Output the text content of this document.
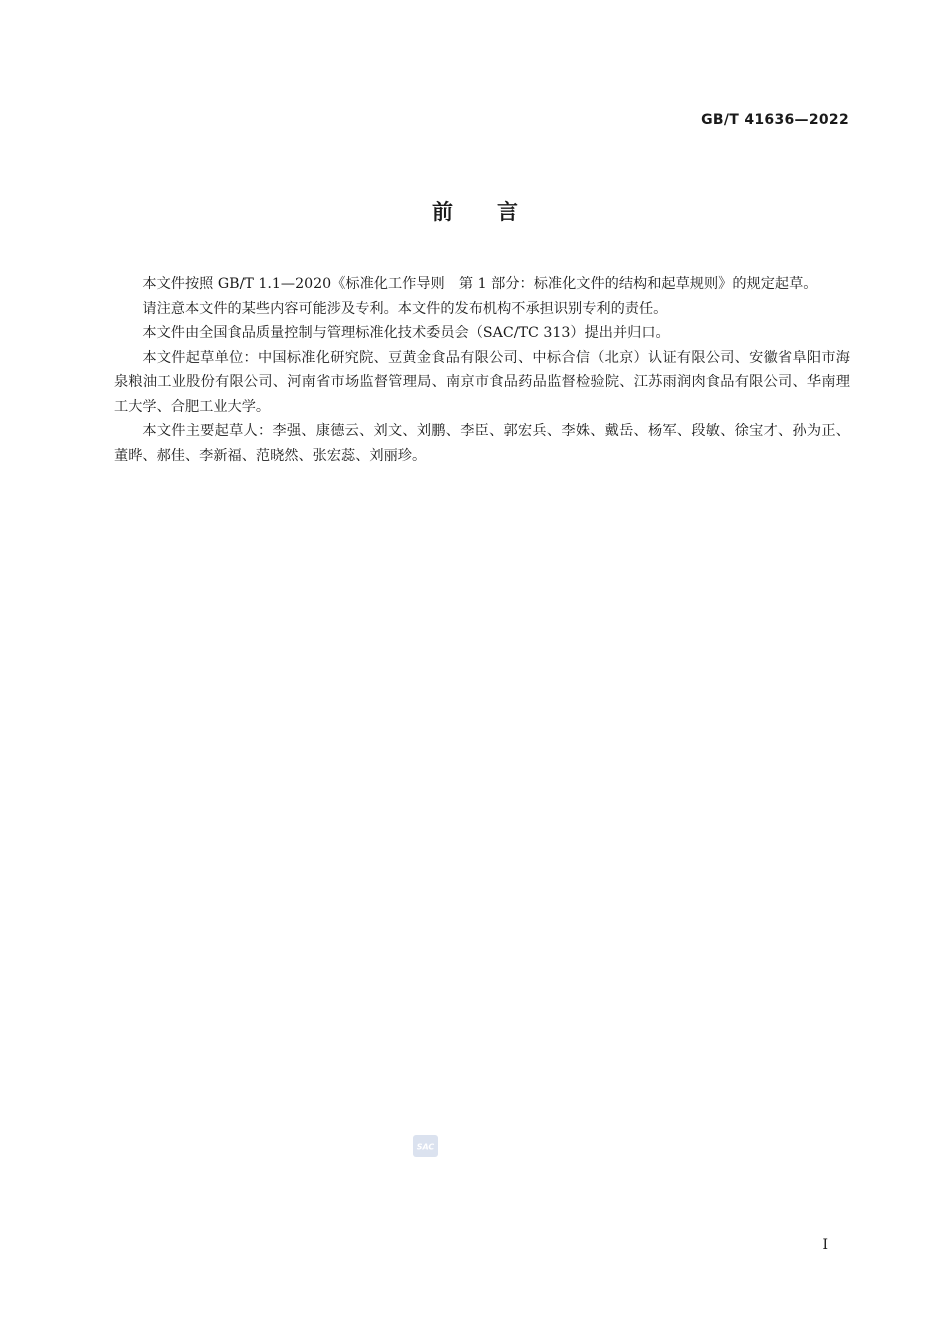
GB/T 41636—2022
前 言

本文件按照 GB/T 1.1—2020《标准化工作导则　第 1 部分：标准化文件的结构和起草规则》的规定起草。

请注意本文件的某些内容可能涉及专利。本文件的发布机构不承担识别专利的责任。

本文件由全国食品质量控制与管理标准化技术委员会（SAC/TC 313）提出并归口。

本文件起草单位：中国标准化研究院、豆黄金食品有限公司、中标合信（北京）认证有限公司、安徽省阜阳市海泉粮油工业股份有限公司、河南省市场监督管理局、南京市食品药品监督检验院、江苏雨润肉食品有限公司、华南理工大学、合肥工业大学。

本文件主要起草人：李强、康德云、刘文、刘鹏、李臣、郭宏兵、李姝、戴岳、杨军、段敏、徐宝才、孙为正、董晔、郝佳、李新福、范晓然、张宏蕊、刘丽珍。

SAC
I
